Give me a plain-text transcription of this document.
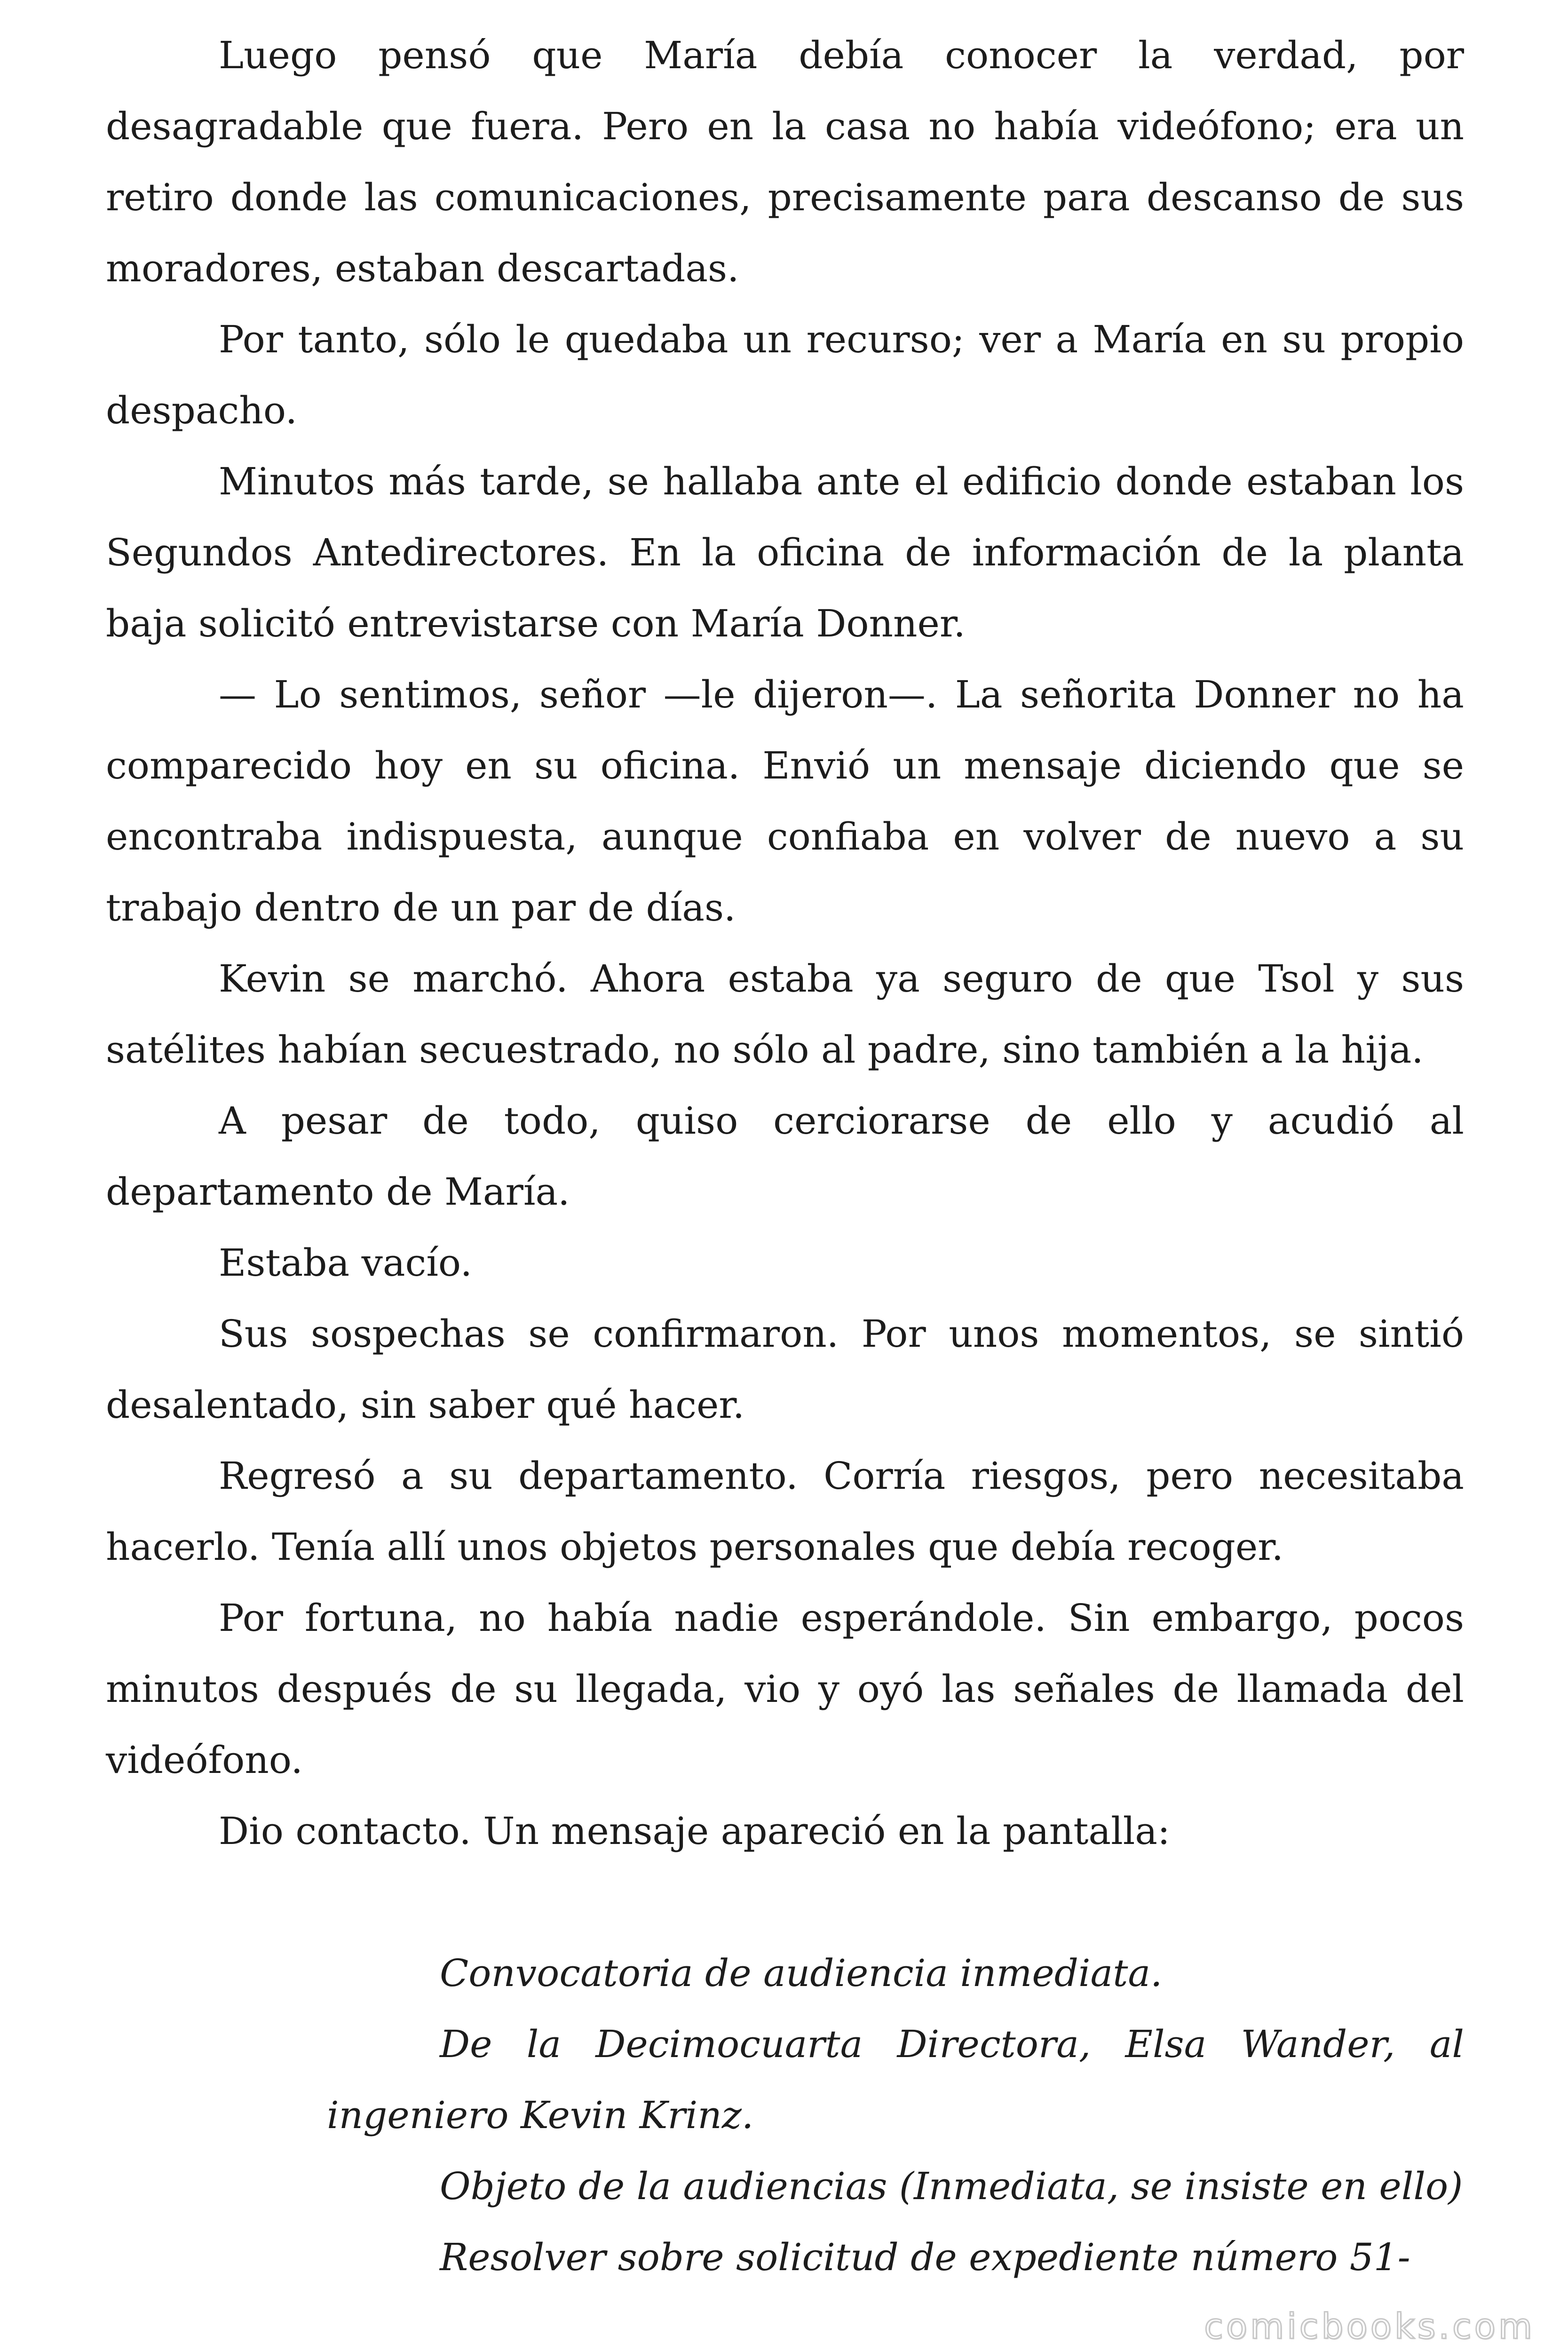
Luego pensó que María debía conocer la verdad, por desagradable que fuera. Pero en la casa no había videófono; era un retiro donde las comunicaciones, precisamente para descanso de sus moradores, estaban descartadas.

Por tanto, sólo le quedaba un recurso; ver a María en su propio despacho.

Minutos más tarde, se hallaba ante el edificio donde estaban los Segundos Antedirectores. En la oficina de información de la planta baja solicitó entrevistarse con María Donner.

— Lo sentimos, señor —le dijeron—. La señorita Donner no ha comparecido hoy en su oficina. Envió un mensaje diciendo que se encontraba indispuesta, aunque confiaba en volver de nuevo a su trabajo dentro de un par de días.

Kevin se marchó. Ahora estaba ya seguro de que Tsol y sus satélites habían secuestrado, no sólo al padre, sino también a la hija.

A pesar de todo, quiso cerciorarse de ello y acudió al departamento de María.

Estaba vacío.

Sus sospechas se confirmaron. Por unos momentos, se sintió desalentado, sin saber qué hacer.

Regresó a su departamento. Corría riesgos, pero necesitaba hacerlo. Tenía allí unos objetos personales que debía recoger.

Por fortuna, no había nadie esperándole. Sin embargo, pocos minutos después de su llegada, vio y oyó las señales de llamada del videófono.

Dio contacto. Un mensaje apareció en la pantalla:

Convocatoria de audiencia inmediata.

De la Decimocuarta Directora, Elsa Wander, al ingeniero Kevin Krinz.

Objeto de la audiencias (Inmediata, se insiste en ello)

Resolver sobre solicitud de expediente número 51-

comicbooks.com
